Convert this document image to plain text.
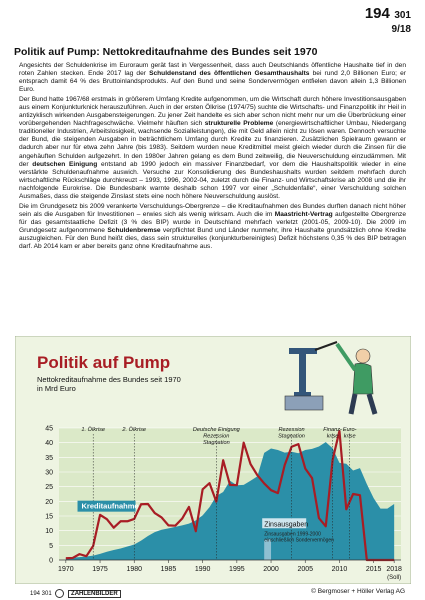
194 301
9/18
Politik auf Pump: Nettokreditaufnahme des Bundes seit 1970

Angesichts der Schuldenkrise im Euroraum gerät fast in Vergessenheit, dass auch Deutschlands öffentliche Haushalte tief in den roten Zahlen stecken. Ende 2017 lag der Schuldenstand des öffentlichen Gesamthaushalts bei rund 2,0 Billionen Euro; er entsprach damit 64 % des Bruttoinlandsprodukts. Auf den Bund und seine Sondervermögen entfielen davon allein 1,3 Billionen Euro.

Der Bund hatte 1967/68 erstmals in größerem Umfang Kredite aufgenommen, um die Wirtschaft durch höhere Investitionsausgaben aus einem Konjunkturknick herauszuführen. Auch in der ersten Ölkrise (1974/75) suchte die Wirtschafts- und Finanzpolitik ihr Heil in antizyklisch wirkenden Ausgabensteigerungen. Zu jener Zeit handelte es sich aber schon nicht mehr nur um die Überbrückung einer vorübergehenden Nachfrageschwäche. Vielmehr häuften sich strukturelle Probleme (energiewirtschaftlicher Umbau, Niedergang traditioneller Industrien, Arbeitslosigkeit, wachsende Sozialleistungen), die mit Geld allein nicht zu lösen waren. Dennoch versuchte der Bund, die steigenden Ausgaben in beträchtlichem Umfang durch Kredite zu finanzieren. Zusätzlichen Spielraum gewann er dadurch aber nur für etwa zehn Jahre (bis 1983). Seitdem wurden neue Kreditmittel meist gleich wieder durch die Zinsen für die angehäuften Schulden aufgezehrt. In den 1980er Jahren gelang es dem Bund zeitweilig, die Neuverschuldung einzudämmen. Mit der deutschen Einigung entstand ab 1990 jedoch ein massiver Finanzbedarf, vor dem die Haushaltspolitik wieder in eine verstärkte Schuldenaufnahme auswich. Versuche zur Konsolidierung des Bundeshaushalts wurden seitdem mehrfach durch wirtschaftliche Rückschläge durchkreuzt – 1993, 1996, 2002-04, zuletzt durch die Finanz- und Wirtschaftskrise ab 2008 und die ihr nachfolgende Eurokrise. Die Bundesbank warnte deshalb schon 1997 vor einer „Schuldenfalle“, einer Verschuldung solchen Ausmaßes, dass die steigende Zinslast stets eine noch höhere Neuverschuldung auslöst.

Die im Grundgesetz bis 2009 verankerte Verschuldungs-Obergrenze – die Kreditaufnahmen des Bundes durften danach nicht höher sein als die Ausgaben für Investitionen – erwies sich als wenig wirksam. Auch die im Maastricht-Vertrag aufgestellte Obergrenze für das gesamtstaatliche Defizit (3 % des BIP) wurde in Deutschland mehrfach verletzt (2001-05, 2009-10). Die 2009 im Grundgesetz aufgenommene Schuldenbremse verpflichtet Bund und Länder nunmehr, ihre Haushalte grundsätzlich ohne Kredite auszugleichen. Für den Bund heißt dies, dass sein strukturelles (konjunkturbereinigtes) Defizit höchstens 0,35 % des BIP betragen darf. Ab 2014 kam er aber bereits ganz ohne Kreditaufnahme aus.

Politik auf Pump
Nettokreditaufnahme des Bundes seit 1970 in Mrd Euro
0
5
10
15
20
25
30
35
40
45
1970	1975	1980	1985	1990	1995	2000	2005	2010	2015 2018
(Soll)
Kreditaufnahme
Zinsausgaben
Zinsausgaben 1999-2000 einschließlich Sondervermögen
1. Ölkrise	2. Ölkrise	Deutsche Einigung
Rezession
Stagnation
Rezession
Stagnation
Finanz-
krise
Euro-
krise
194 301	ZAHLENBILDER	© Bergmoser + Höller Verlag AG
